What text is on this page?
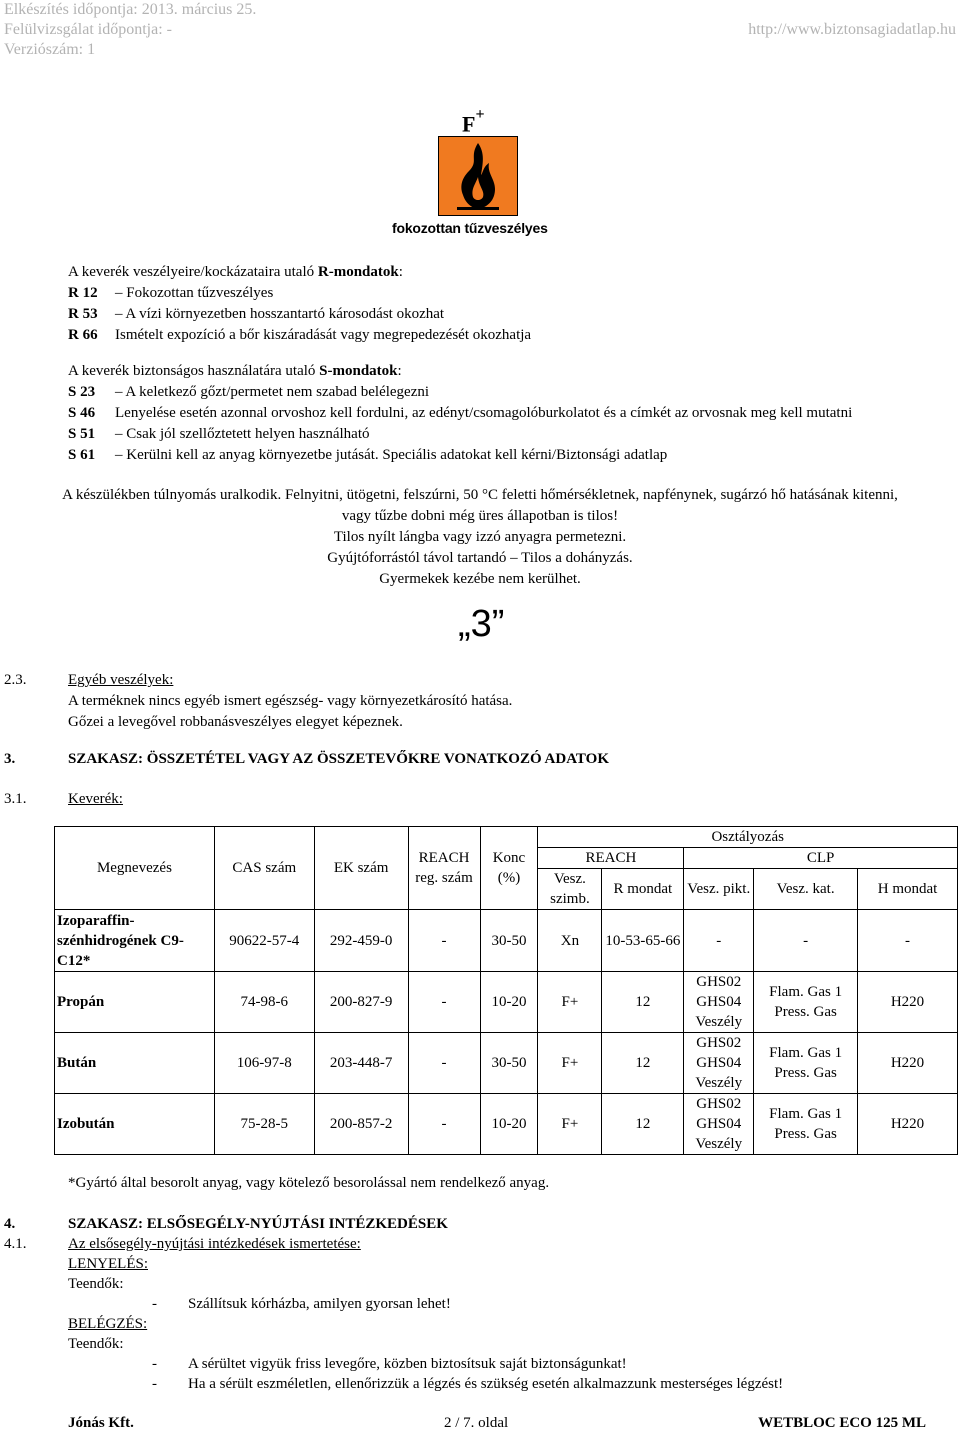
Elkészítés időpontja: 2013. március 25.
Felülvizsgálat időpontja: -
Verziószám: 1
http://www.biztonsagiadatlap.hu
F+
fokozottan tűzveszélyes
A keverék veszélyeire/kockázataira utaló R-mondatok:
R 12 – Fokozottan tűzveszélyes
R 53 – A vízi környezetben hosszantartó károsodást okozhat
R 66 Ismételt expozíció a bőr kiszáradását vagy megrepedezését okozhatja
A keverék biztonságos használatára utaló S-mondatok:
S 23 – A keletkező gőzt/permetet nem szabad belélegezni
S 46 Lenyelése esetén azonnal orvoshoz kell fordulni, az edényt/csomagolóburkolatot és a címkét az orvosnak meg kell mutatni
S 51 – Csak jól szellőztetett helyen használható
S 61 – Kerülni kell az anyag környezetbe jutását. Speciális adatokat kell kérni/Biztonsági adatlap
A készülékben túlnyomás uralkodik. Felnyitni, ütögetni, felszúrni, 50 °C feletti hőmérsékletnek, napfénynek, sugárzó hő hatásának kitenni,
vagy tűzbe dobni még üres állapotban is tilos!
Tilos nyílt lángba vagy izzó anyagra permetezni.
Gyújtóforrástól távol tartandó – Tilos a dohányzás.
Gyermekek kezébe nem kerülhet.
„3”
2.3.	Egyéb veszélyek:
A terméknek nincs egyéb ismert egészség- vagy környezetkárosító hatása.
Gőzei a levegővel robbanásveszélyes elegyet képeznek.
3.	SZAKASZ: ÖSSZETÉTEL VAGY AZ ÖSSZETEVŐKRE VONATKOZÓ ADATOK
3.1.	Keverék:
Megnevezés	CAS szám	EK szám	REACH reg. szám	Konc (%)	Osztályozás				
					REACH		CLP		
					Vesz. szimb.	R mondat	Vesz. pikt.	Vesz. kat.	H mondat
Izoparaffin-szénhidrogének C9-C12*	90622-57-4	292-459-0	-	30-50	Xn	10-53-65-66	-	-	-
Propán	74-98-6	200-827-9	-	10-20	F+	12	GHS02 GHS04 Veszély	Flam. Gas 1 Press. Gas	H220
Bután	106-97-8	203-448-7	-	30-50	F+	12	GHS02 GHS04 Veszély	Flam. Gas 1 Press. Gas	H220
Izobután	75-28-5	200-857-2	-	10-20	F+	12	GHS02 GHS04 Veszély	Flam. Gas 1 Press. Gas	H220
*Gyártó által besorolt anyag, vagy kötelező besorolással nem rendelkező anyag.
4.	SZAKASZ: ELSŐSEGÉLY-NYÚJTÁSI INTÉZKEDÉSEK
4.1.	Az elsősegély-nyújtási intézkedések ismertetése:
LENYELÉS:
Teendők:
- Szállítsuk kórházba, amilyen gyorsan lehet!
BELÉGZÉS:
Teendők:
- A sérültet vigyük friss levegőre, közben biztosítsuk saját biztonságunkat!
- Ha a sérült eszméletlen, ellenőrizzük a légzés és szükség esetén alkalmazzunk mesterséges légzést!
Jónás Kft.	2 / 7. oldal	WETBLOC ECO 125 ML
